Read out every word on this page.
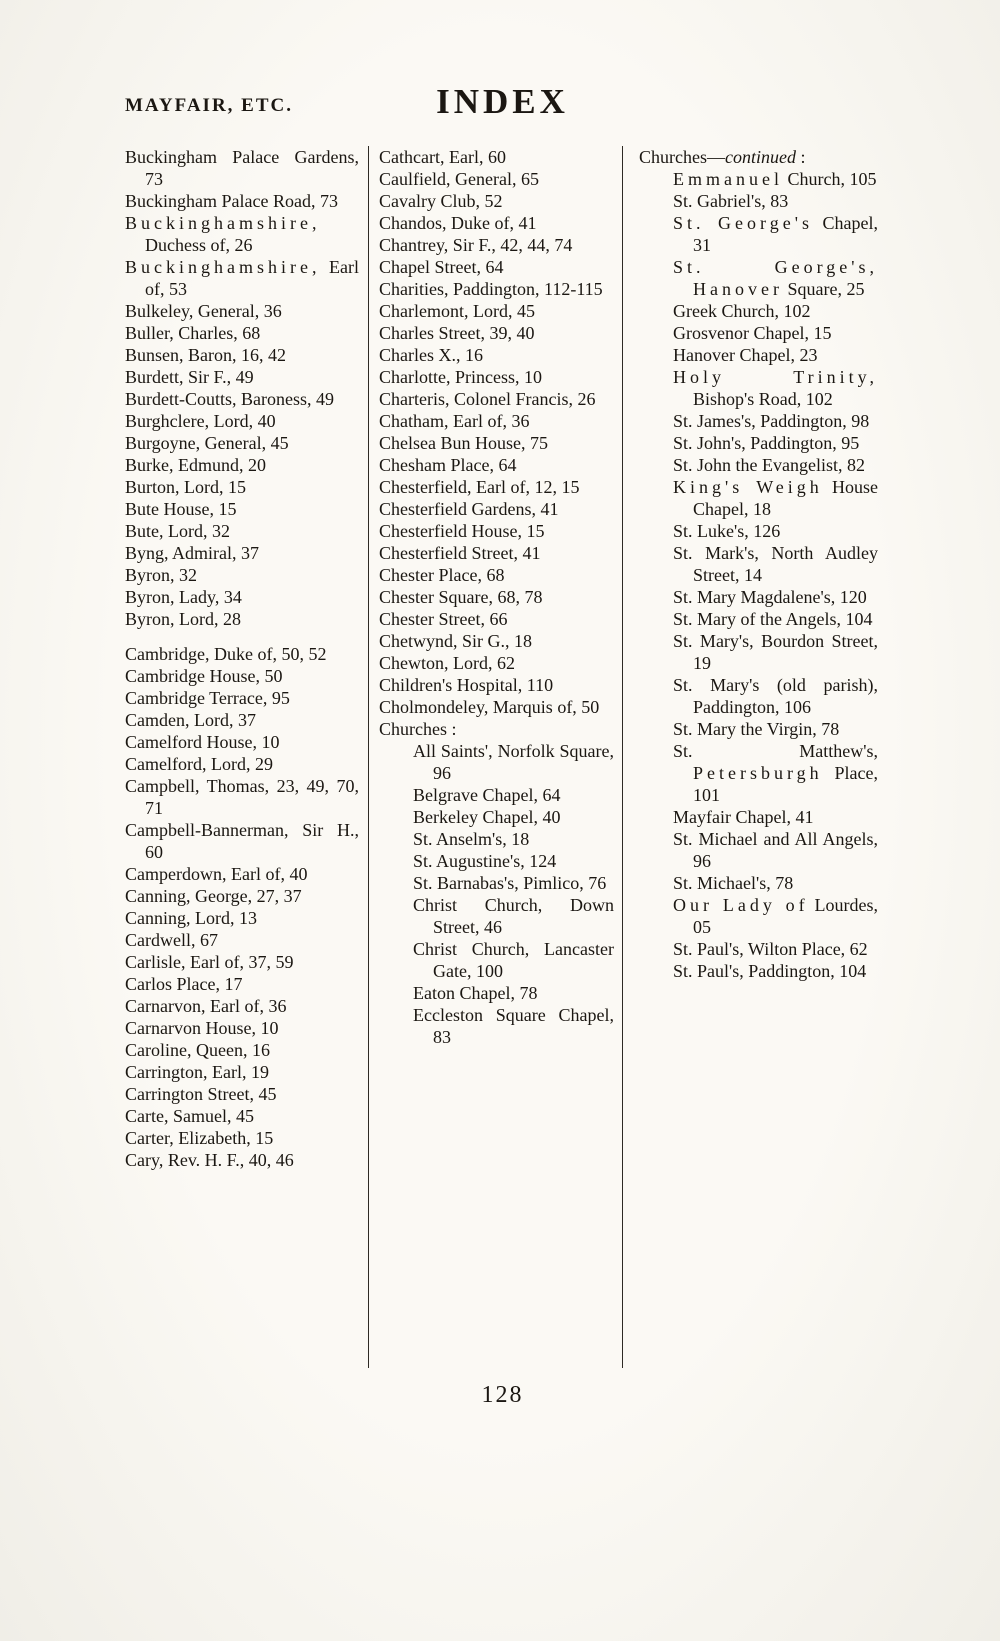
MAYFAIR, ETC.	INDEX
Buckingham Palace Gardens, 73
Buckingham Palace Road, 73
Buckinghamshire, Duchess of, 26
Buckinghamshire, Earl of, 53
Bulkeley, General, 36
Buller, Charles, 68
Bunsen, Baron, 16, 42
Burdett, Sir F., 49
Burdett-Coutts, Baroness, 49
Burghclere, Lord, 40
Burgoyne, General, 45
Burke, Edmund, 20
Burton, Lord, 15
Bute House, 15
Bute, Lord, 32
Byng, Admiral, 37
Byron, 32
Byron, Lady, 34
Byron, Lord, 28
Cambridge, Duke of, 50, 52
Cambridge House, 50
Cambridge Terrace, 95
Camden, Lord, 37
Camelford House, 10
Camelford, Lord, 29
Campbell, Thomas, 23, 49, 70, 71
Campbell-Bannerman, Sir H., 60
Camperdown, Earl of, 40
Canning, George, 27, 37
Canning, Lord, 13
Cardwell, 67
Carlisle, Earl of, 37, 59
Carlos Place, 17
Carnarvon, Earl of, 36
Carnarvon House, 10
Caroline, Queen, 16
Carrington, Earl, 19
Carrington Street, 45
Carte, Samuel, 45
Carter, Elizabeth, 15
Cary, Rev. H. F., 40, 46
Cathcart, Earl, 60
Caulfield, General, 65
Cavalry Club, 52
Chandos, Duke of, 41
Chantrey, Sir F., 42, 44, 74
Chapel Street, 64
Charities, Paddington, 112-115
Charlemont, Lord, 45
Charles Street, 39, 40
Charles X., 16
Charlotte, Princess, 10
Charteris, Colonel Francis, 26
Chatham, Earl of, 36
Chelsea Bun House, 75
Chesham Place, 64
Chesterfield, Earl of, 12, 15
Chesterfield Gardens, 41
Chesterfield House, 15
Chesterfield Street, 41
Chester Place, 68
Chester Square, 68, 78
Chester Street, 66
Chetwynd, Sir G., 18
Chewton, Lord, 62
Children's Hospital, 110
Cholmondeley, Marquis of, 50
Churches :
All Saints', Norfolk Square, 96
Belgrave Chapel, 64
Berkeley Chapel, 40
St. Anselm's, 18
St. Augustine's, 124
St. Barnabas's, Pimlico, 76
Christ Church, Down Street, 46
Christ Church, Lancaster Gate, 100
Eaton Chapel, 78
Eccleston Square Chapel, 83
Churches—continued :
Emmanuel Church, 105
St. Gabriel's, 83
St. George's Chapel, 31
St. George's, Hanover Square, 25
Greek Church, 102
Grosvenor Chapel, 15
Hanover Chapel, 23
Holy Trinity, Bishop's Road, 102
St. James's, Paddington, 98
St. John's, Paddington, 95
St. John the Evangelist, 82
King's Weigh House Chapel, 18
St. Luke's, 126
St. Mark's, North Audley Street, 14
St. Mary Magdalene's, 120
St. Mary of the Angels, 104
St. Mary's, Bourdon Street, 19
St. Mary's (old parish), Paddington, 106
St. Mary the Virgin, 78
St. Matthew's, Petersburgh Place, 101
Mayfair Chapel, 41
St. Michael and All Angels, 96
St. Michael's, 78
Our Lady of Lourdes, 05
St. Paul's, Wilton Place, 62
St. Paul's, Paddington, 104
128
